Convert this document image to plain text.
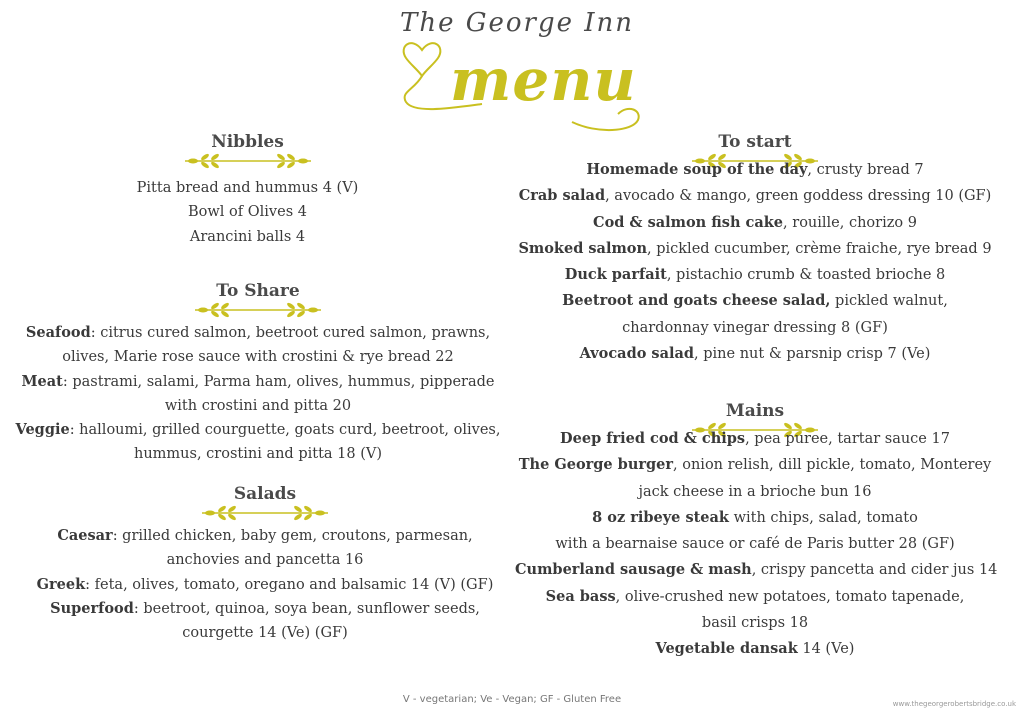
The George Inn
menu
Nibbles
Pitta bread and hummus 4 (V)
Bowl of Olives 4
Arancini balls 4
To Share
Seafood: citrus cured salmon, beetroot cured salmon, prawns,
olives, Marie rose sauce with crostini & rye bread 22
Meat: pastrami, salami, Parma ham, olives, hummus, pipperade
with crostini and pitta 20
Veggie: halloumi, grilled courguette, goats curd, beetroot, olives,
hummus, crostini and pitta 18 (V)
Salads
Caesar: grilled chicken, baby gem, croutons, parmesan,
anchovies and pancetta 16
Greek: feta, olives, tomato, oregano and balsamic 14 (V) (GF)
Superfood: beetroot, quinoa, soya bean, sunflower seeds,
courgette 14 (Ve) (GF)
To start
Homemade soup of the day, crusty bread 7
Crab salad, avocado & mango, green goddess dressing 10 (GF)
Cod & salmon fish cake, rouille, chorizo 9
Smoked salmon, pickled cucumber, crème fraiche, rye bread 9
Duck parfait, pistachio crumb & toasted brioche 8
Beetroot and goats cheese salad, pickled walnut,
chardonnay vinegar dressing 8 (GF)
Avocado salad, pine nut & parsnip crisp 7 (Ve)
Mains
Deep fried cod & chips, pea puree, tartar sauce 17
The George burger, onion relish, dill pickle, tomato, Monterey
jack cheese in a brioche bun 16
8 oz ribeye steak with chips, salad, tomato
with a bearnaise sauce or café de Paris butter 28 (GF)
Cumberland sausage & mash, crispy pancetta and cider jus 14
Sea bass, olive-crushed new potatoes, tomato tapenade,
basil crisps 18
Vegetable dansak 14 (Ve)
V - vegetarian; Ve - Vegan; GF - Gluten Free	www.thegeorgerobertsbridge.co.uk
